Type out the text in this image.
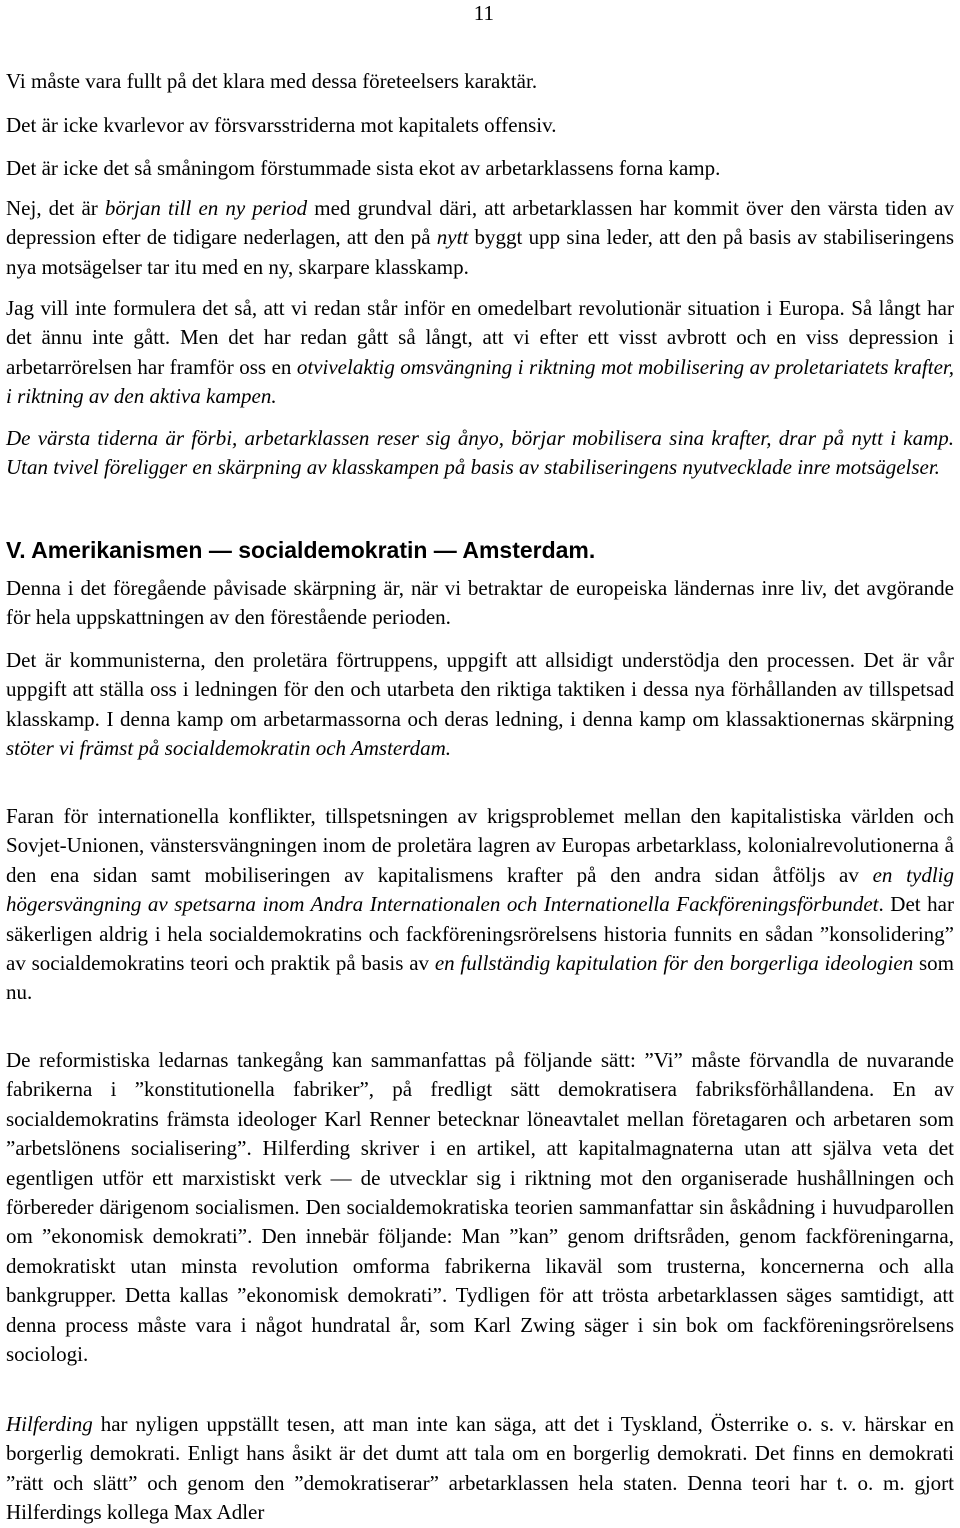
11

Vi måste vara fullt på det klara med dessa företeelsers karaktär.

Det är icke kvarlevor av försvarsstriderna mot kapitalets offensiv.

Det är icke det så småningom förstummade sista ekot av arbetarklassens forna kamp.

Nej, det är början till en ny period med grundval däri, att arbetarklassen har kommit över den värsta tiden av depression efter de tidigare nederlagen, att den på nytt byggt upp sina leder, att den på basis av stabiliseringens nya motsägelser tar itu med en ny, skarpare klasskamp.

Jag vill inte formulera det så, att vi redan står inför en omedelbart revolutionär situation i Europa. Så långt har det ännu inte gått. Men det har redan gått så långt, att vi efter ett visst avbrott och en viss depression i arbetarrörelsen har framför oss en otvivelaktig omsvängning i riktning mot mobilisering av proletariatets krafter, i riktning av den aktiva kampen.

De värsta tiderna är förbi, arbetarklassen reser sig ånyo, börjar mobilisera sina krafter, drar på nytt i kamp. Utan tvivel föreligger en skärpning av klasskampen på basis av stabiliseringens nyutvecklade inre motsägelser.

V. Amerikanismen — socialdemokratin — Amsterdam.

Denna i det föregående påvisade skärpning är, när vi betraktar de europeiska ländernas inre liv, det avgörande för hela uppskattningen av den förestående perioden.

Det är kommunisterna, den proletära förtruppens, uppgift att allsidigt understödja den processen. Det är vår uppgift att ställa oss i ledningen för den och utarbeta den riktiga taktiken i dessa nya förhållanden av tillspetsad klasskamp. I denna kamp om arbetarmassorna och deras ledning, i denna kamp om klassaktionernas skärpning stöter vi främst på socialdemokratin och Amsterdam.

Faran för internationella konflikter, tillspetsningen av krigsproblemet mellan den kapitalistiska världen och Sovjet-Unionen, vänstersvängningen inom de proletära lagren av Europas arbetarklass, kolonialrevolutionerna å den ena sidan samt mobiliseringen av kapitalismens krafter på den andra sidan åtföljs av en tydlig högersvängning av spetsarna inom Andra Internationalen och Internationella Fackföreningsförbundet. Det har säkerligen aldrig i hela socialdemokratins och fackföreningsrörelsens historia funnits en sådan ”konsolidering” av socialdemokratins teori och praktik på basis av en fullständig kapitulation för den borgerliga ideologien som nu.

De reformistiska ledarnas tankegång kan sammanfattas på följande sätt: ”Vi” måste förvandla de nuvarande fabrikerna i ”konstitutionella fabriker”, på fredligt sätt demokratisera fabriksförhållandena. En av socialdemokratins främsta ideologer Karl Renner betecknar löneavtalet mellan företagaren och arbetaren som ”arbetslönens socialisering”. Hilferding skriver i en artikel, att kapitalmagnaterna utan att själva veta det egentligen utför ett marxistiskt verk — de utvecklar sig i riktning mot den organiserade hushållningen och förbereder därigenom socialismen. Den socialdemokratiska teorien sammanfattar sin åskådning i huvudparollen om ”ekonomisk demokrati”. Den innebär följande: Man ”kan” genom driftsråden, genom fackföreningarna, demokratiskt utan minsta revolution omforma fabrikerna likaväl som trusterna, koncernerna och alla bankgrupper. Detta kallas ”ekonomisk demokrati”. Tydligen för att trösta arbetarklassen säges samtidigt, att denna process måste vara i något hundratal år, som Karl Zwing säger i sin bok om fackföreningsrörelsens sociologi.

Hilferding har nyligen uppställt tesen, att man inte kan säga, att det i Tyskland, Österrike o. s. v. härskar en borgerlig demokrati. Enligt hans åsikt är det dumt att tala om en borgerlig demokrati. Det finns en demokrati ”rätt och slätt” och genom den ”demokratiserar” arbetarklassen hela staten. Denna teori har t. o. m. gjort Hilferdings kollega Max Adler
